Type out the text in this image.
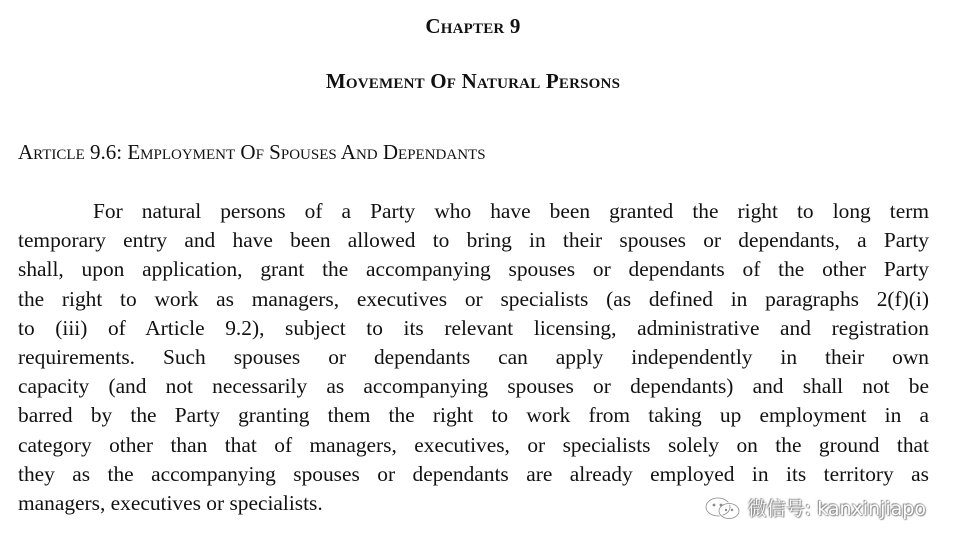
Chapter 9
Movement Of Natural Persons
Article 9.6: Employment Of Spouses And Dependants
For natural persons of a Party who have been granted the right to long term
temporary entry and have been allowed to bring in their spouses or dependants, a Party
shall, upon application, grant the accompanying spouses or dependants of the other Party
the right to work as managers, executives or specialists (as defined in paragraphs 2(f)(i)
to (iii) of Article 9.2), subject to its relevant licensing, administrative and registration
requirements. Such spouses or dependants can apply independently in their own
capacity (and not necessarily as accompanying spouses or dependants) and shall not be
barred by the Party granting them the right to work from taking up employment in a
category other than that of managers, executives, or specialists solely on the ground that
they as the accompanying spouses or dependants are already employed in its territory as
managers, executives or specialists.	微信号: kanxinjiapo
